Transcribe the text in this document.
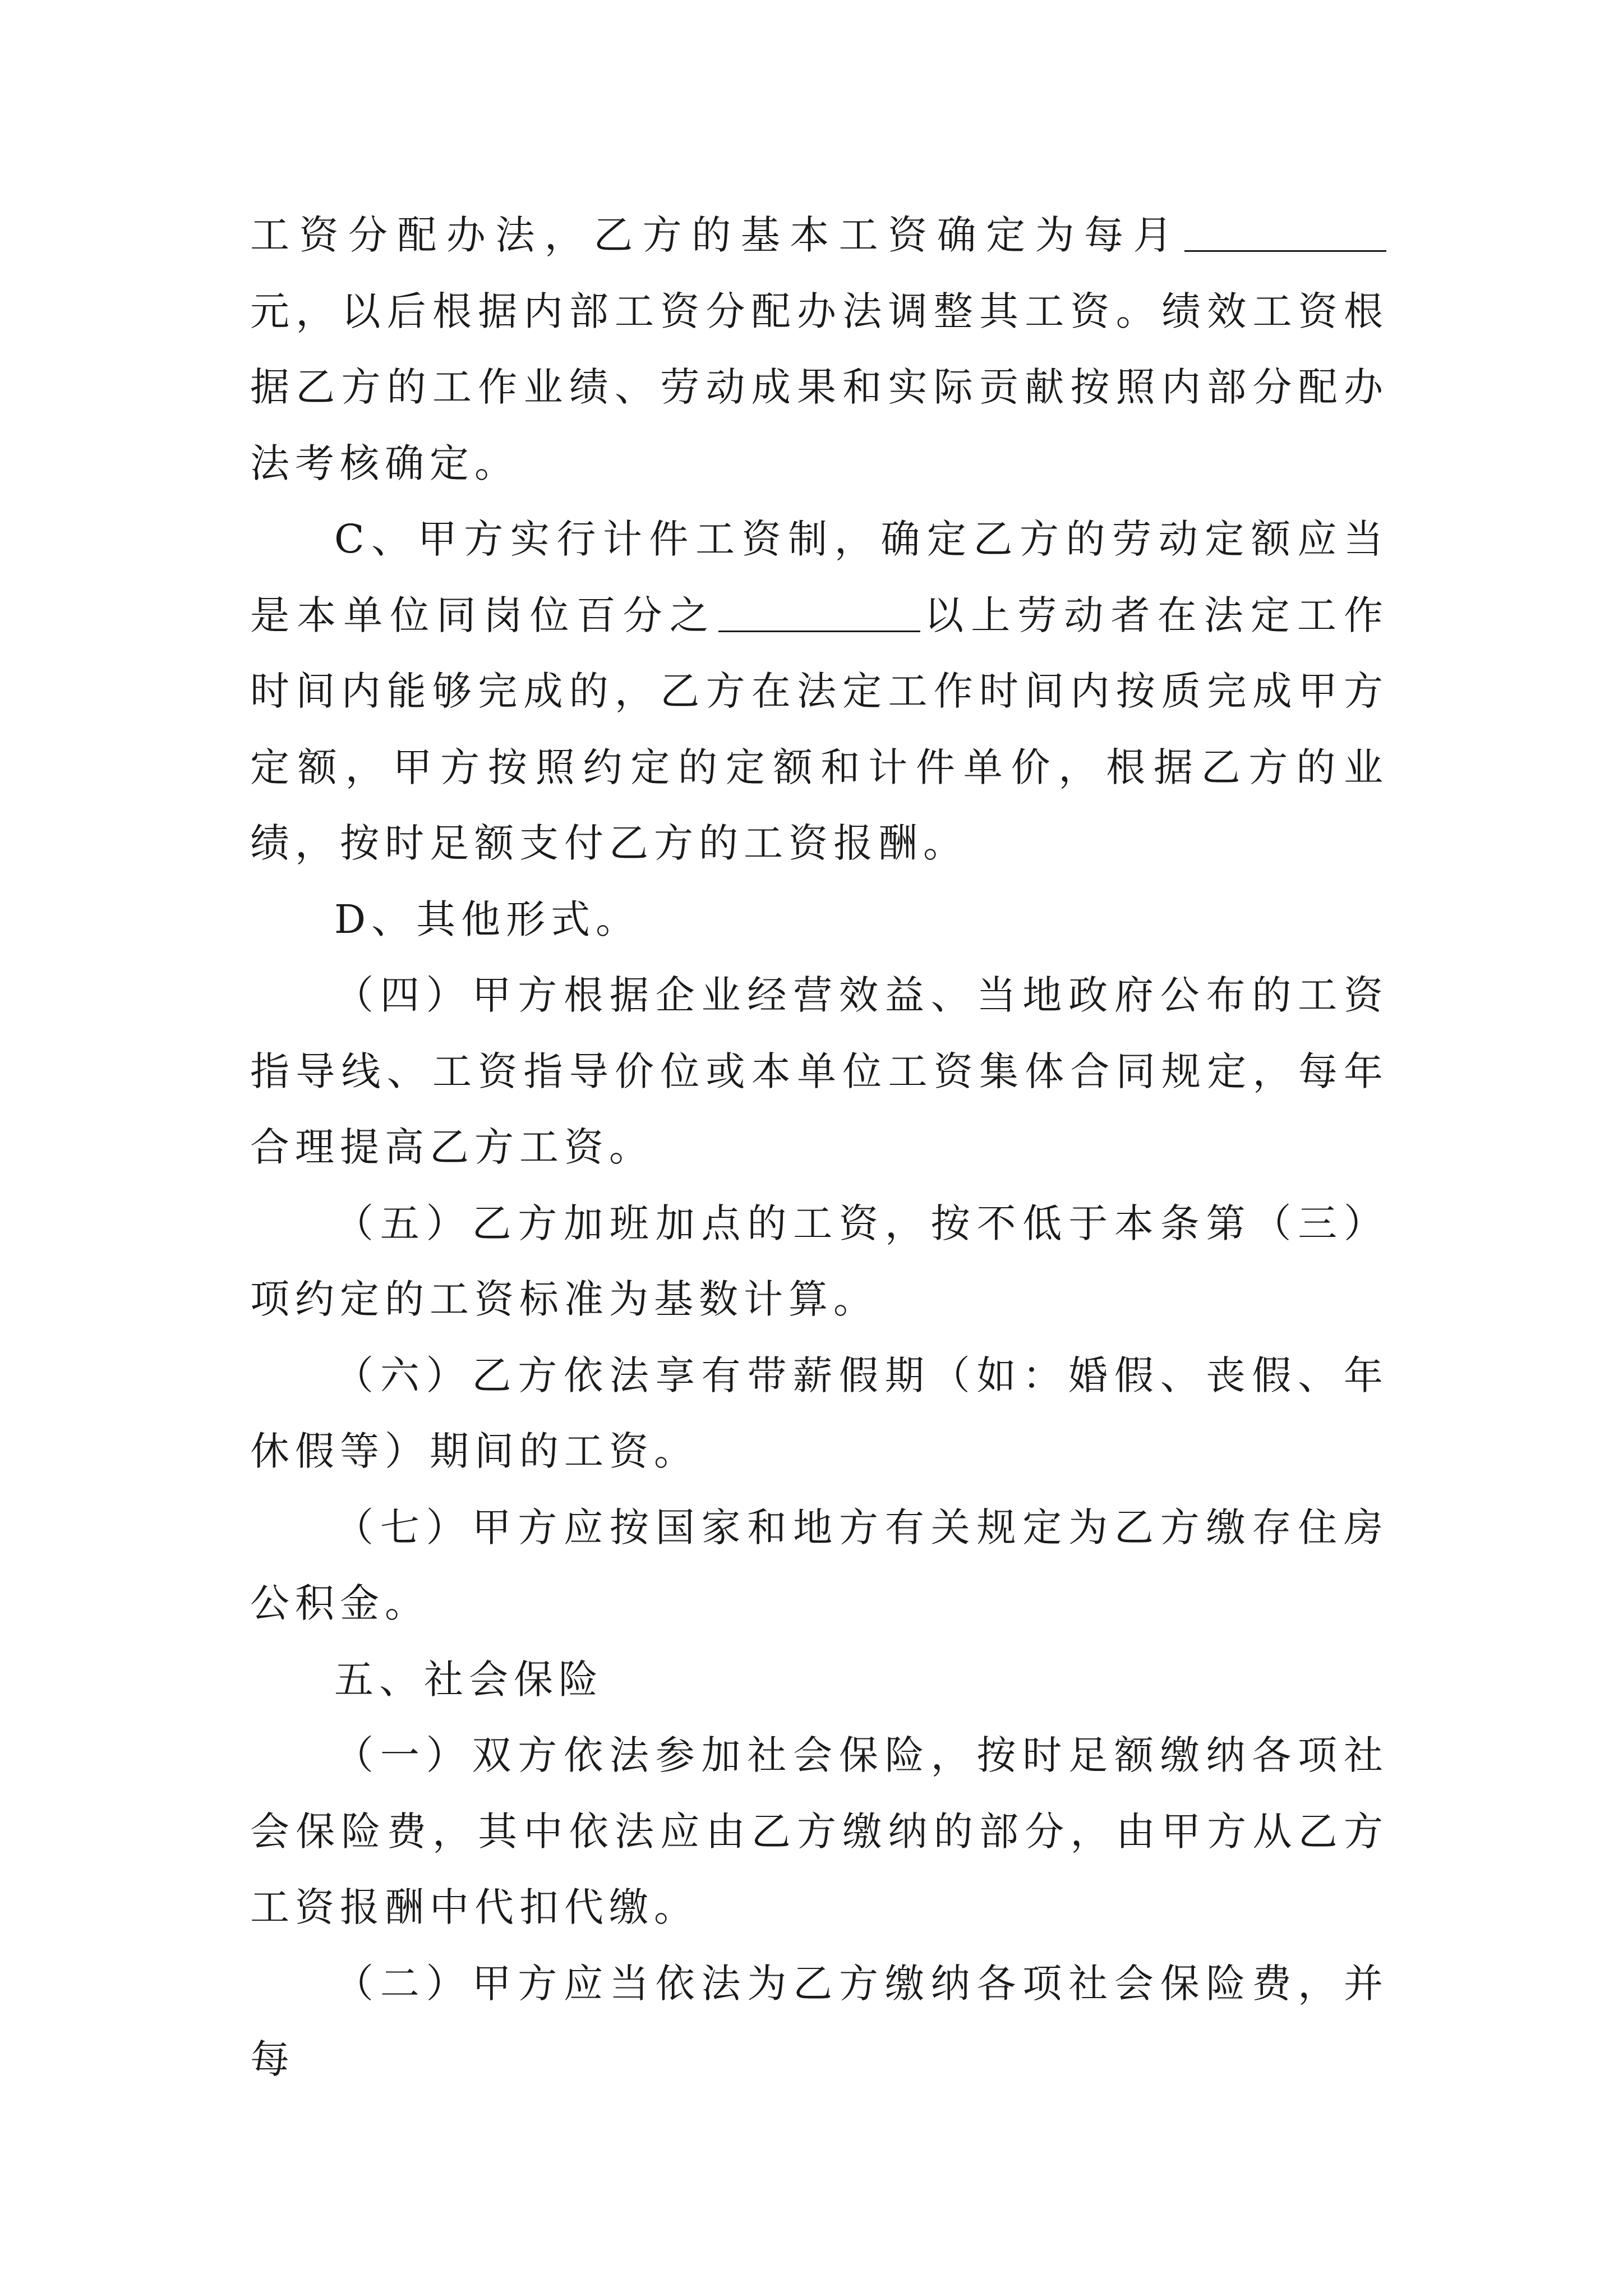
工资分配办法，乙方的基本工资确定为每月元，以后根据内部工资分配办法调整其工资。绩效工资根据乙方的工作业绩、劳动成果和实际贡献按照内部分配办法考核确定。

C、甲方实行计件工资制，确定乙方的劳动定额应当是本单位同岗位百分之	以上劳动者在法定工作时间内能够完成的，乙方在法定工作时间内按质完成甲方定额，甲方按照约定的定额和计件单价，根据乙方的业绩，按时足额支付乙方的工资报酬。

D、其他形式。

（四）甲方根据企业经营效益、当地政府公布的工资指导线、工资指导价位或本单位工资集体合同规定，每年合理提高乙方工资。

（五）乙方加班加点的工资，按不低于本条第（三）项约定的工资标准为基数计算。

（六）乙方依法享有带薪假期（如：婚假、丧假、年休假等）期间的工资。

（七）甲方应按国家和地方有关规定为乙方缴存住房公积金。

五、社会保险

（一）双方依法参加社会保险，按时足额缴纳各项社会保险费，其中依法应由乙方缴纳的部分，由甲方从乙方工资报酬中代扣代缴。

（二）甲方应当依法为乙方缴纳各项社会保险费，并每
